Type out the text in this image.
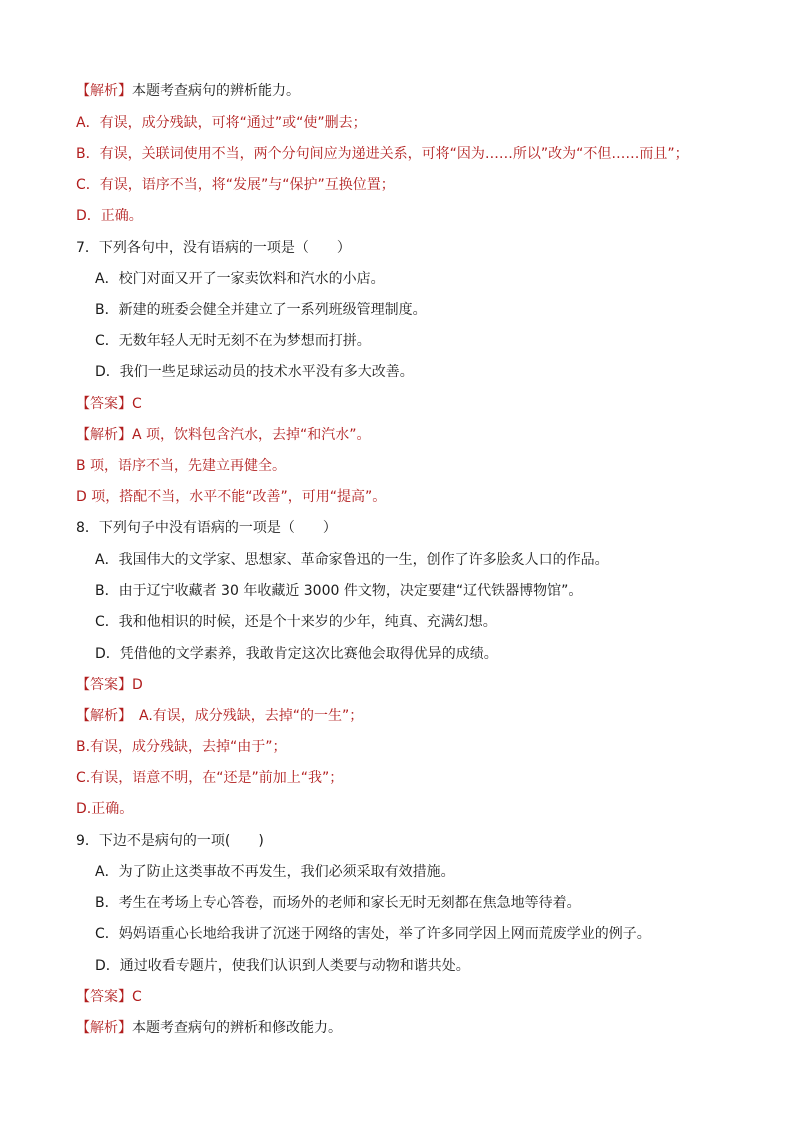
【解析】本题考查病句的辨析能力。
A．有误，成分残缺，可将“通过”或“使”删去；
B．有误，关联词使用不当，两个分句间应为递进关系，可将“因为……所以”改为“不但……而且”；
C．有误，语序不当，将“发展”与“保护”互换位置；
D．正确。
7．下列各句中，没有语病的一项是（　　）
A．校门对面又开了一家卖饮料和汽水的小店。
B．新建的班委会健全并建立了一系列班级管理制度。
C．无数年轻人无时无刻不在为梦想而打拼。
D．我们一些足球运动员的技术水平没有多大改善。
【答案】C
【解析】A 项，饮料包含汽水，去掉“和汽水”。
B 项，语序不当，先建立再健全。
D 项，搭配不当，水平不能“改善”，可用“提高”。
8．下列句子中没有语病的一项是（　　）
A．我国伟大的文学家、思想家、革命家鲁迅的一生，创作了许多脍炙人口的作品。
B．由于辽宁收藏者 30 年收藏近 3000 件文物，决定要建“辽代铁器博物馆”。
C．我和他相识的时候，还是个十来岁的少年，纯真、充满幻想。
D．凭借他的文学素养，我敢肯定这次比赛他会取得优异的成绩。
【答案】D
【解析】　A.有误，成分残缺，去掉“的一生”；
B.有误，成分残缺，去掉“由于”；
C.有误，语意不明，在“还是”前加上“我”；
D.正确。
9．下边不是病句的一项(　　)
A．为了防止这类事故不再发生，我们必须采取有效措施。
B．考生在考场上专心答卷，而场外的老师和家长无时无刻都在焦急地等待着。
C．妈妈语重心长地给我讲了沉迷于网络的害处，举了许多同学因上网而荒废学业的例子。
D．通过收看专题片，使我们认识到人类要与动物和谐共处。
【答案】C
【解析】本题考查病句的辨析和修改能力。
